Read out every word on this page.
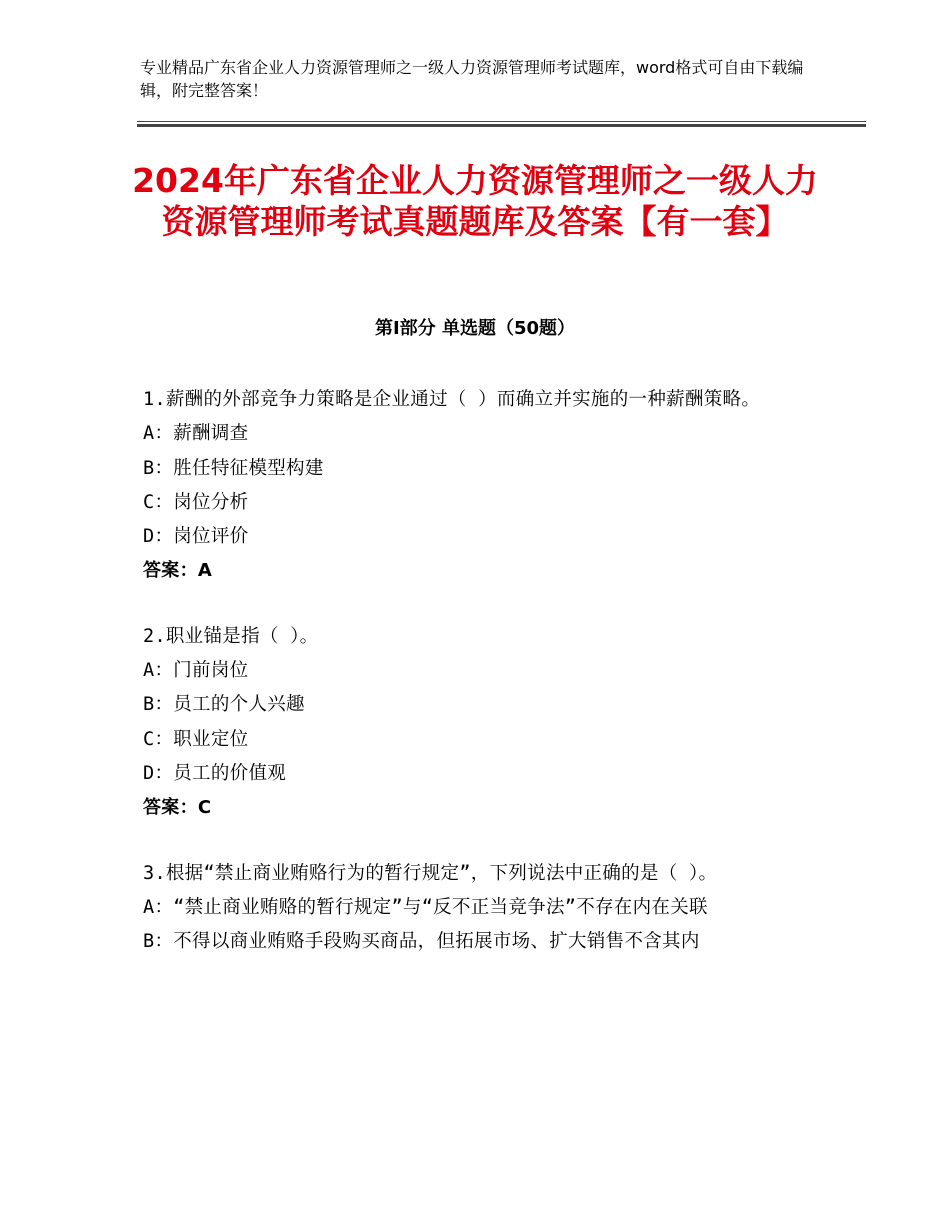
专业精品广东省企业人力资源管理师之一级人力资源管理师考试题库，word格式可自由下载编辑，附完整答案！
2024年广东省企业人力资源管理师之一级人力资源管理师考试真题题库及答案【有一套】
第Ⅰ部分 单选题（50题）

1.薪酬的外部竞争力策略是企业通过（ ）而确立并实施的一种薪酬策略。

A：薪酬调查

B：胜任特征模型构建

C：岗位分析

D：岗位评价

答案：A

2.职业锚是指（ ）。

A：门前岗位

B：员工的个人兴趣

C：职业定位

D：员工的价值观

答案：C

3.根据“禁止商业贿赂行为的暂行规定”，下列说法中正确的是（ ）。

A：“禁止商业贿赂的暂行规定”与“反不正当竞争法”不存在内在关联

B：不得以商业贿赂手段购买商品，但拓展市场、扩大销售不含其内
